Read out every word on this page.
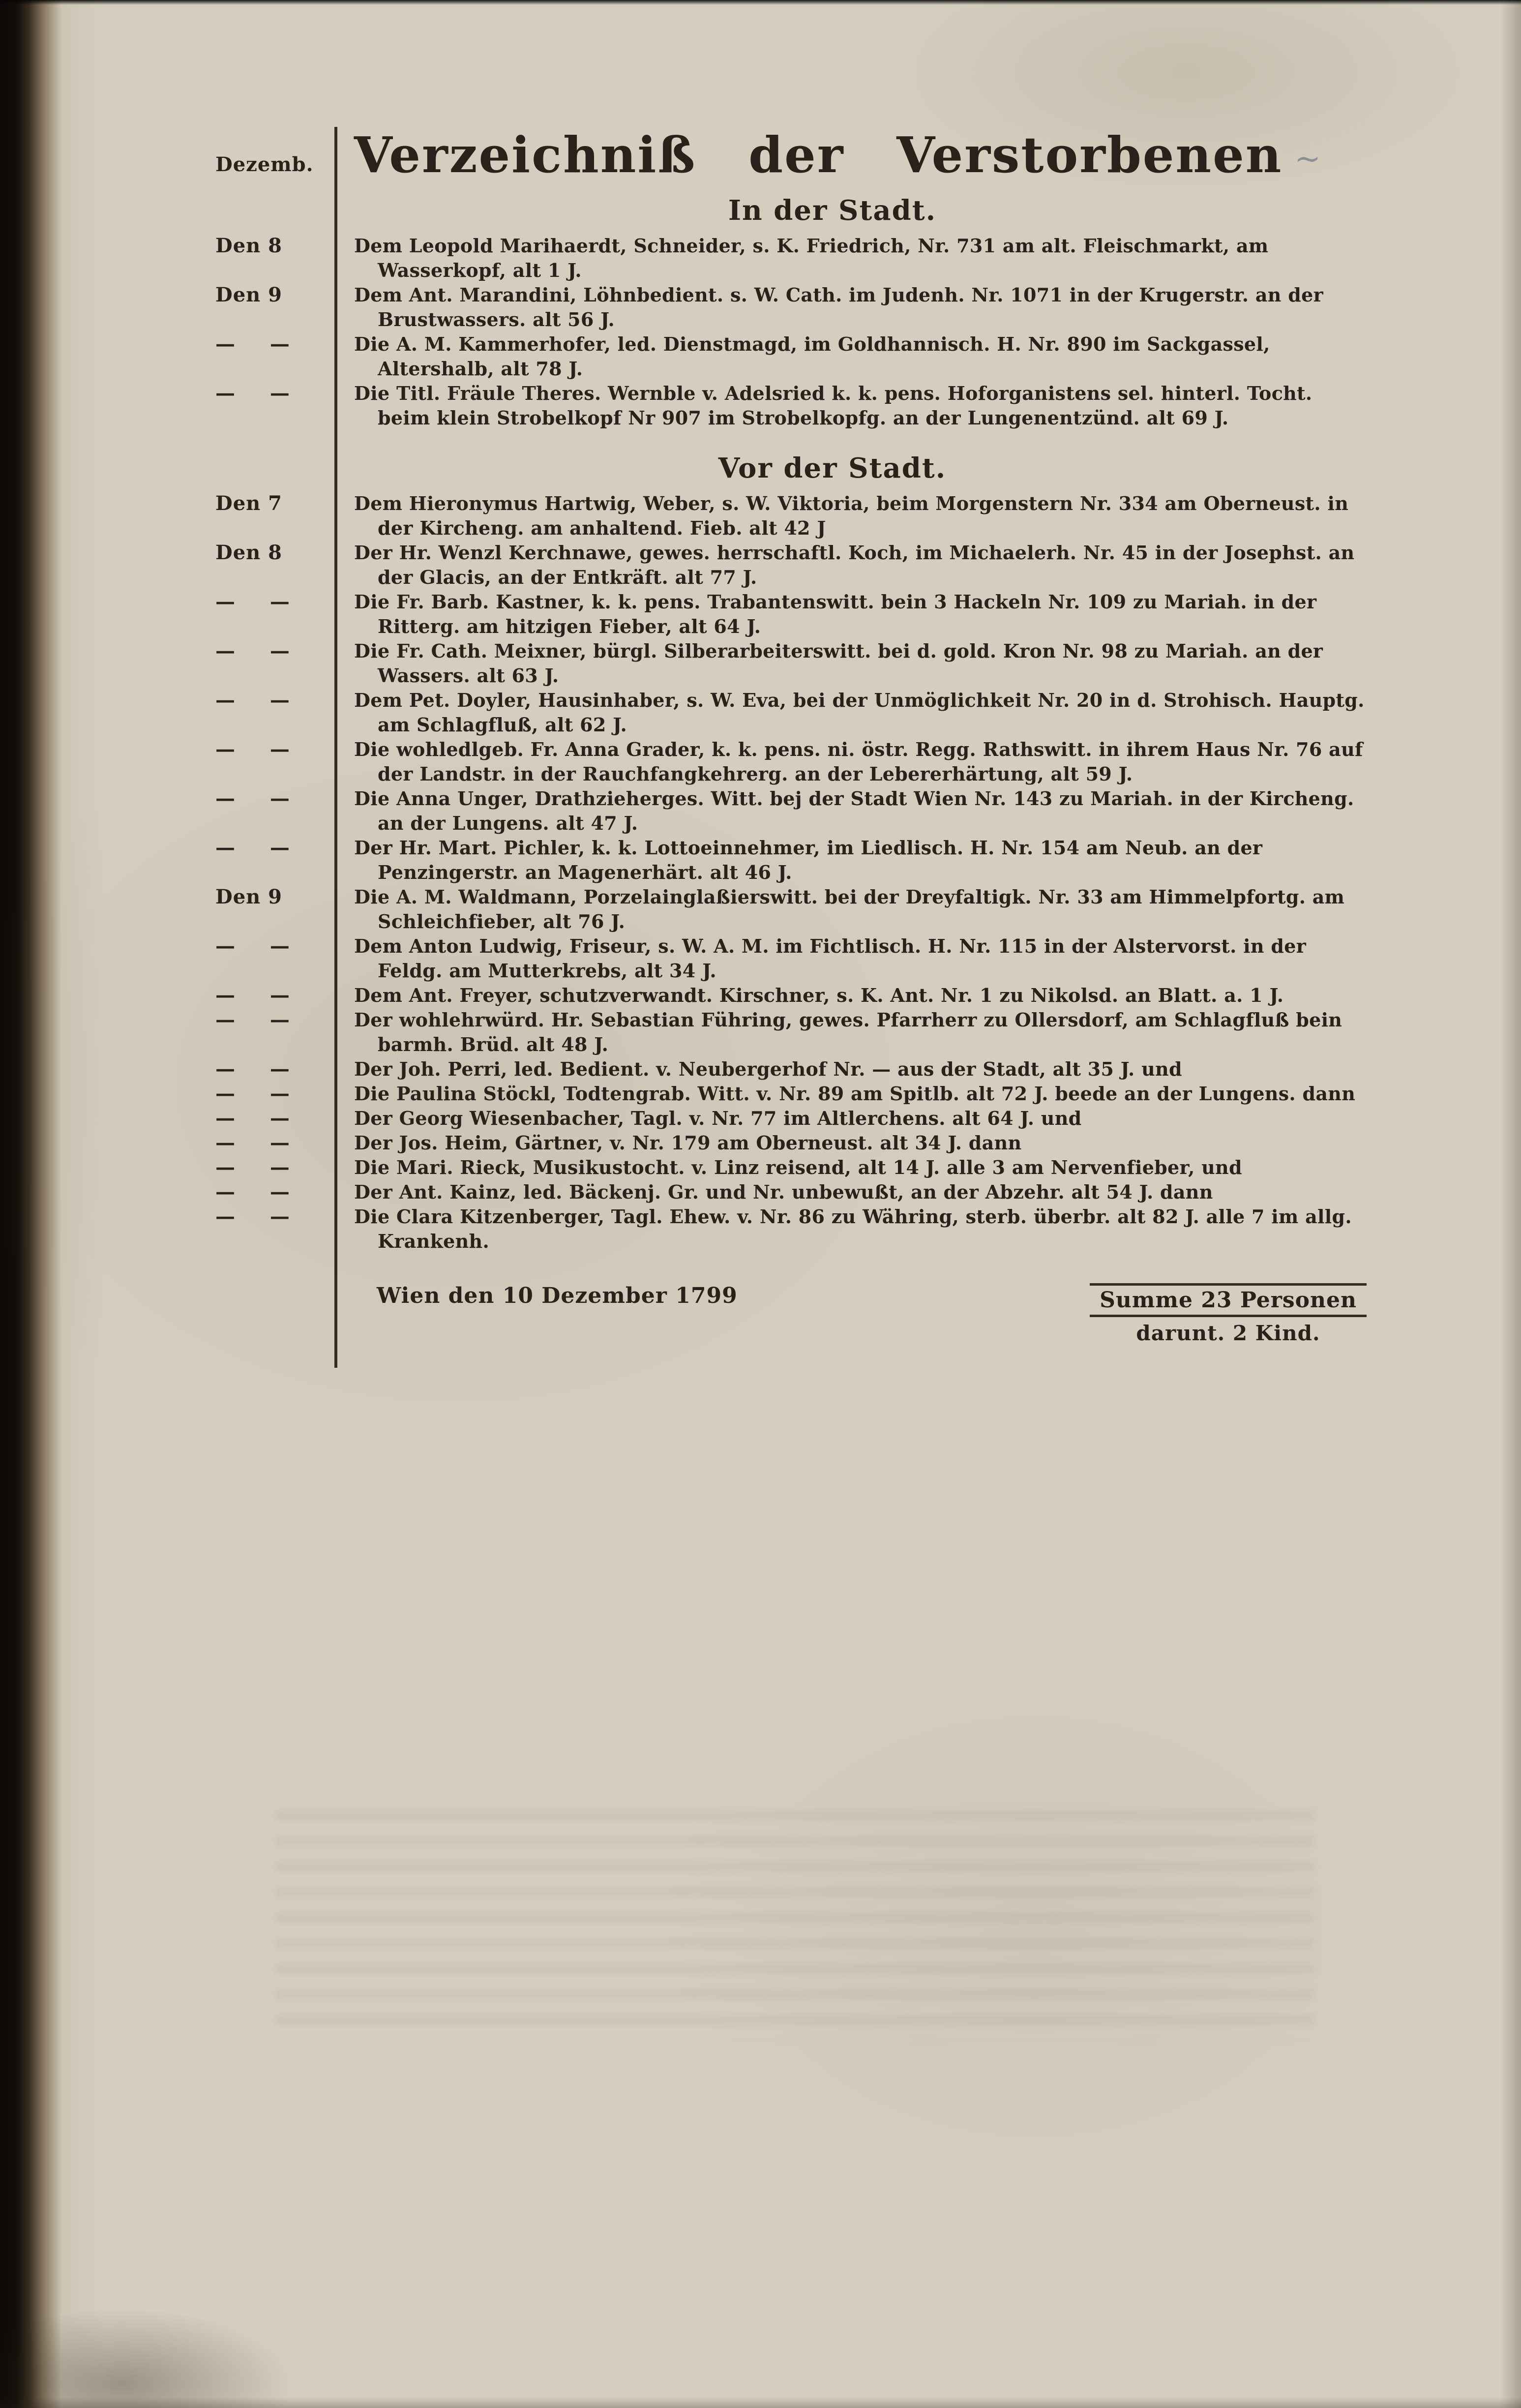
Dezemb. Verzeichniß der Verstorbenen ~
In der Stadt.
Den 8	Dem Leopold Marihaerdt, Schneider, s. K. Friedrich, Nr. 731 am alt. Fleischmarkt, am Wasserkopf, alt 1 J.

Den 9	Dem Ant. Marandini, Löhnbedient. s. W. Cath. im Judenh. Nr. 1071 in der Krugerstr. an der Brustwassers. alt 56 J.

— —	Die A. M. Kammerhofer, led. Dienstmagd, im Goldhannisch. H. Nr. 890 im Sackgassel, Altershalb, alt 78 J.

— —	Die Titl. Fräule Theres. Wernble v. Adelsried k. k. pens. Hoforganistens sel. hinterl. Tocht. beim klein Strobelkopf Nr 907 im Strobelkopfg. an der Lungenentzünd. alt 69 J.

Vor der Stadt.
Den 7	Dem Hieronymus Hartwig, Weber, s. W. Viktoria, beim Morgenstern Nr. 334 am Oberneust. in der Kircheng. am anhaltend. Fieb. alt 42 J

Den 8	Der Hr. Wenzl Kerchnawe, gewes. herrschaftl. Koch, im Michaelerh. Nr. 45 in der Josephst. an der Glacis, an der Entkräft. alt 77 J.

— —	Die Fr. Barb. Kastner, k. k. pens. Trabantenswitt. bein 3 Hackeln Nr. 109 zu Mariah. in der Ritterg. am hitzigen Fieber, alt 64 J.

— —	Die Fr. Cath. Meixner, bürgl. Silberarbeiterswitt. bei d. gold. Kron Nr. 98 zu Mariah. an der Wassers. alt 63 J.

— —	Dem Pet. Doyler, Hausinhaber, s. W. Eva, bei der Unmöglichkeit Nr. 20 in d. Strohisch. Hauptg. am Schlagfluß, alt 62 J.

— —	Die wohledlgeb. Fr. Anna Grader, k. k. pens. ni. östr. Regg. Rathswitt. in ihrem Haus Nr. 76 auf der Landstr. in der Rauchfangkehrerg. an der Lebererhärtung, alt 59 J.

— —	Die Anna Unger, Drathzieherges. Witt. bej der Stadt Wien Nr. 143 zu Mariah. in der Kircheng. an der Lungens. alt 47 J.

— —	Der Hr. Mart. Pichler, k. k. Lottoeinnehmer, im Liedlisch. H. Nr. 154 am Neub. an der Penzingerstr. an Magenerhärt. alt 46 J.

Den 9	Die A. M. Waldmann, Porzelainglaßierswitt. bei der Dreyfaltigk. Nr. 33 am Himmelpfortg. am Schleichfieber, alt 76 J.

— —	Dem Anton Ludwig, Friseur, s. W. A. M. im Fichtlisch. H. Nr. 115 in der Alstervorst. in der Feldg. am Mutterkrebs, alt 34 J.

— —	Dem Ant. Freyer, schutzverwandt. Kirschner, s. K. Ant. Nr. 1 zu Nikolsd. an Blatt. a. 1 J.

— —	Der wohlehrwürd. Hr. Sebastian Führing, gewes. Pfarrherr zu Ollersdorf, am Schlagfluß bein barmh. Brüd. alt 48 J.

— —	Der Joh. Perri, led. Bedient. v. Neubergerhof Nr. — aus der Stadt, alt 35 J. und

— —	Die Paulina Stöckl, Todtengrab. Witt. v. Nr. 89 am Spitlb. alt 72 J. beede an der Lungens. dann

— —	Der Georg Wiesenbacher, Tagl. v. Nr. 77 im Altlerchens. alt 64 J. und

— —	Der Jos. Heim, Gärtner, v. Nr. 179 am Oberneust. alt 34 J. dann

— —	Die Mari. Rieck, Musikustocht. v. Linz reisend, alt 14 J. alle 3 am Nervenfieber, und

— —	Der Ant. Kainz, led. Bäckenj. Gr. und Nr. unbewußt, an der Abzehr. alt 54 J. dann

— —	Die Clara Kitzenberger, Tagl. Ehew. v. Nr. 86 zu Währing, sterb. überbr. alt 82 J. alle 7 im allg. Krankenh.

Wien den 10 Dezember 1799	Summe 23 Personen
darunt. 2 Kind.
